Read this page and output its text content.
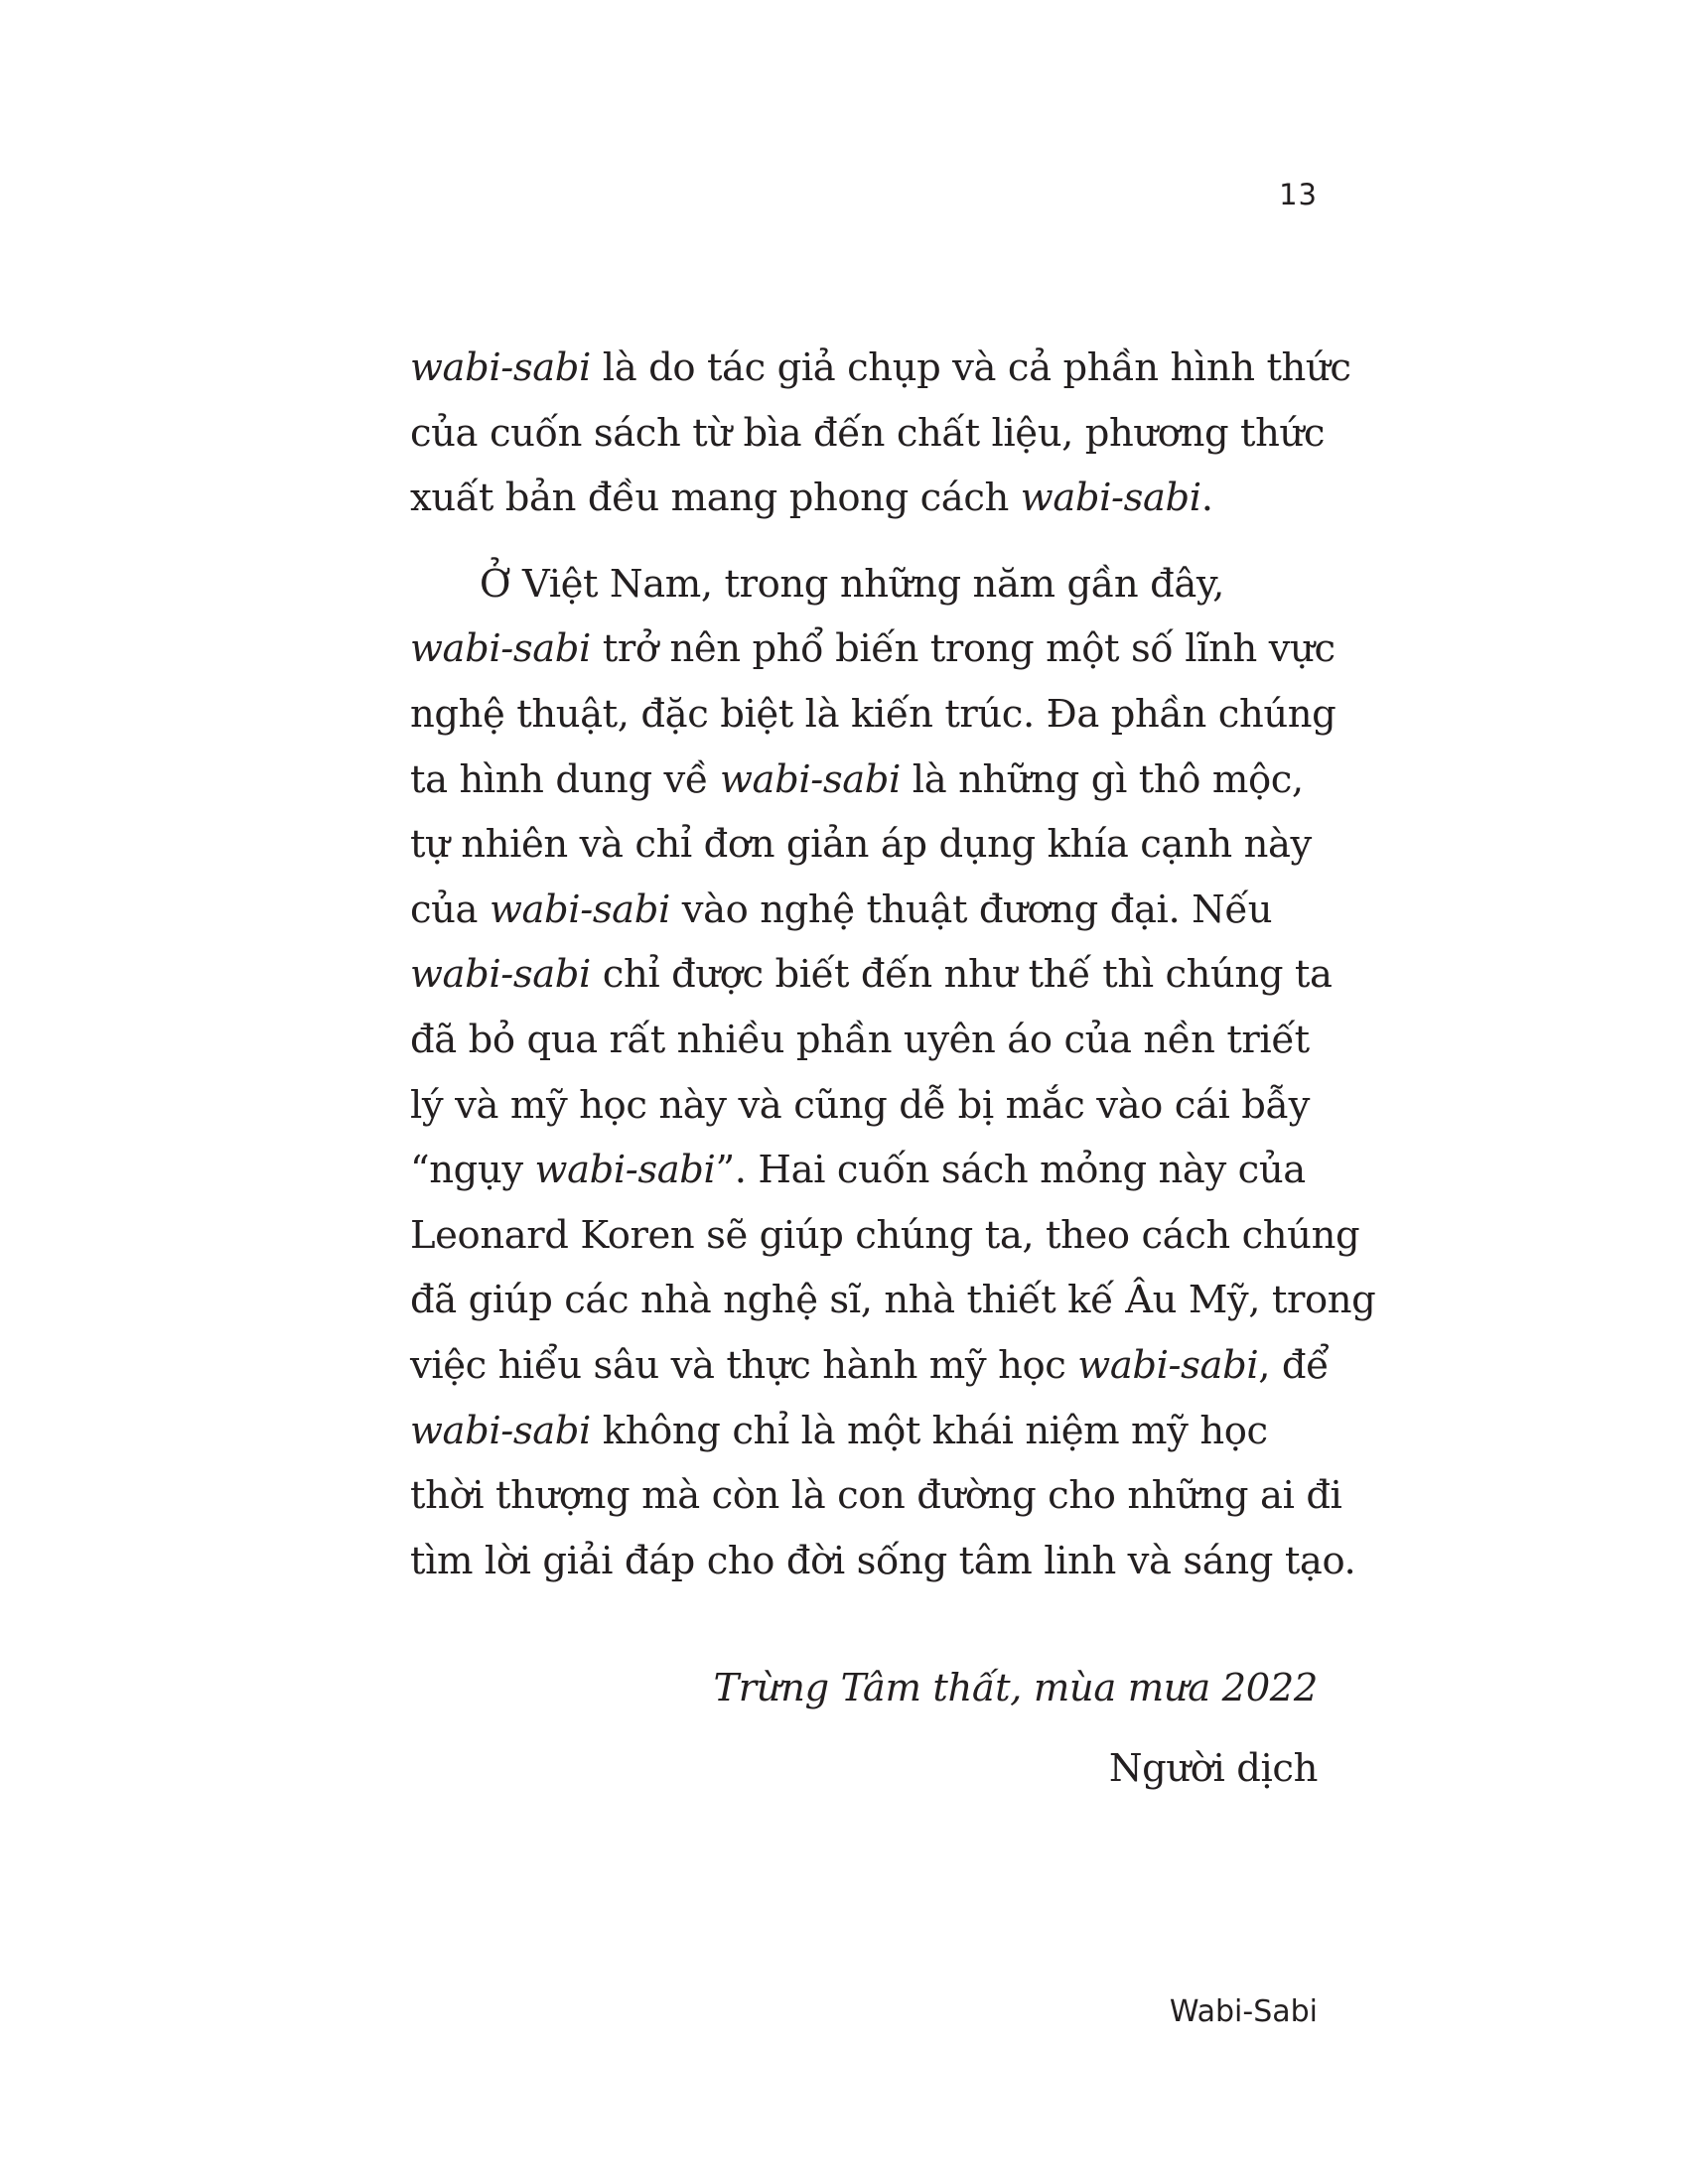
13
wabi-sabi là do tác giả chụp và cả phần hình thức
của cuốn sách từ bìa đến chất liệu, phương thức
xuất bản đều mang phong cách wabi-sabi.
Ở Việt Nam, trong những năm gần đây,
wabi-sabi trở nên phổ biến trong một số lĩnh vực
nghệ thuật, đặc biệt là kiến trúc. Đa phần chúng
ta hình dung về wabi-sabi là những gì thô mộc,
tự nhiên và chỉ đơn giản áp dụng khía cạnh này
của wabi-sabi vào nghệ thuật đương đại. Nếu
wabi-sabi chỉ được biết đến như thế thì chúng ta
đã bỏ qua rất nhiều phần uyên áo của nền triết
lý và mỹ học này và cũng dễ bị mắc vào cái bẫy
“ngụy wabi-sabi”. Hai cuốn sách mỏng này của
Leonard Koren sẽ giúp chúng ta, theo cách chúng
đã giúp các nhà nghệ sĩ, nhà thiết kế Âu Mỹ, trong
việc hiểu sâu và thực hành mỹ học wabi-sabi, để
wabi-sabi không chỉ là một khái niệm mỹ học
thời thượng mà còn là con đường cho những ai đi
tìm lời giải đáp cho đời sống tâm linh và sáng tạo.
Trừng Tâm thất, mùa mưa 2022
Người dịch
Wabi-Sabi
